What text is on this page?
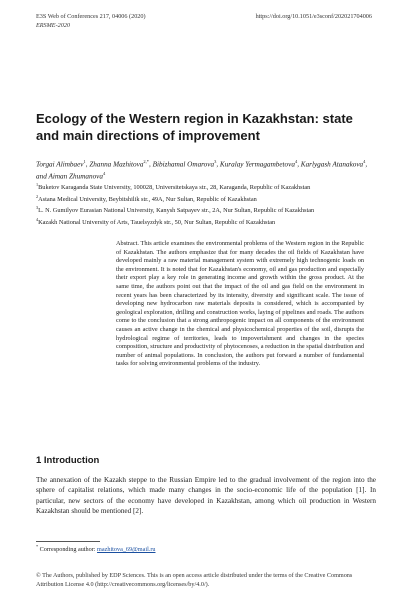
E3S Web of Conferences 217, 04006 (2020)	https://doi.org/10.1051/e3sconf/202021704006
ERSME-2020
Ecology of the Western region in Kazakhstan: state and main directions of improvement
Torgai Alimbaev$^1$, Zhanna Mazhitova$^{2,*}$, Bibizhamal Omarova$^3$, Kuralay Yermagambetova$^4$, Karlygash Atanakova$^4$, and Aiman Zhumanova$^4$

$^1$Buketov Karaganda State University, 100028, Universitetskaya str., 28, Karaganda, Republic of Kazakhstan

$^2$Astana Medical University, Beybitshilik str., 49A, Nur Sultan, Republic of Kazakhstan

$^3$L. N. Gumilyov Eurasian National University, Kanysh Satpayev str., 2A, Nur Sultan, Republic of Kazakhstan

$^4$Kazakh National University of Arts, Tauelsyzdyk str., 50, Nur Sultan, Republic of Kazakhstan

Abstract. This article examines the environmental problems of the Western region in the Republic of Kazakhstan. The authors emphasize that for many decades the oil fields of Kazakhstan have developed mainly a raw material management system with extremely high technogenic loads on the environment. It is noted that for Kazakhstan's economy, oil and gas production and especially their export play a key role in generating income and growth within the gross product. At the same time, the authors point out that the impact of the oil and gas field on the environment in recent years has been characterized by its intensity, diversity and significant scale. The issue of developing new hydrocarbon raw materials deposits is considered, which is accompanied by geological exploration, drilling and construction works, laying of pipelines and roads. The authors come to the conclusion that a strong anthropogenic impact on all components of the environment causes an active change in the chemical and physicochemical properties of the soil, disrupts the hydrological regime of territories, leads to impoverishment and changes in the species composition, structure and productivity of phytocenoses, a reduction in the spatial distribution and number of animal populations. In conclusion, the authors put forward a number of fundamental tasks for solving environmental problems of the industry.

1 Introduction

The annexation of the Kazakh steppe to the Russian Empire led to the gradual involvement of the region into the sphere of capitalist relations, which made many changes in the socio-economic life of the population [1]. In particular, new sectors of the economy have developed in Kazakhstan, among which oil production in Western Kazakhstan should be mentioned [2].

* Corresponding author: mazhitova_69@mail.ru

© The Authors, published by EDP Sciences. This is an open access article distributed under the terms of the Creative Commons Attribution License 4.0 (http://creativecommons.org/licenses/by/4.0/).
